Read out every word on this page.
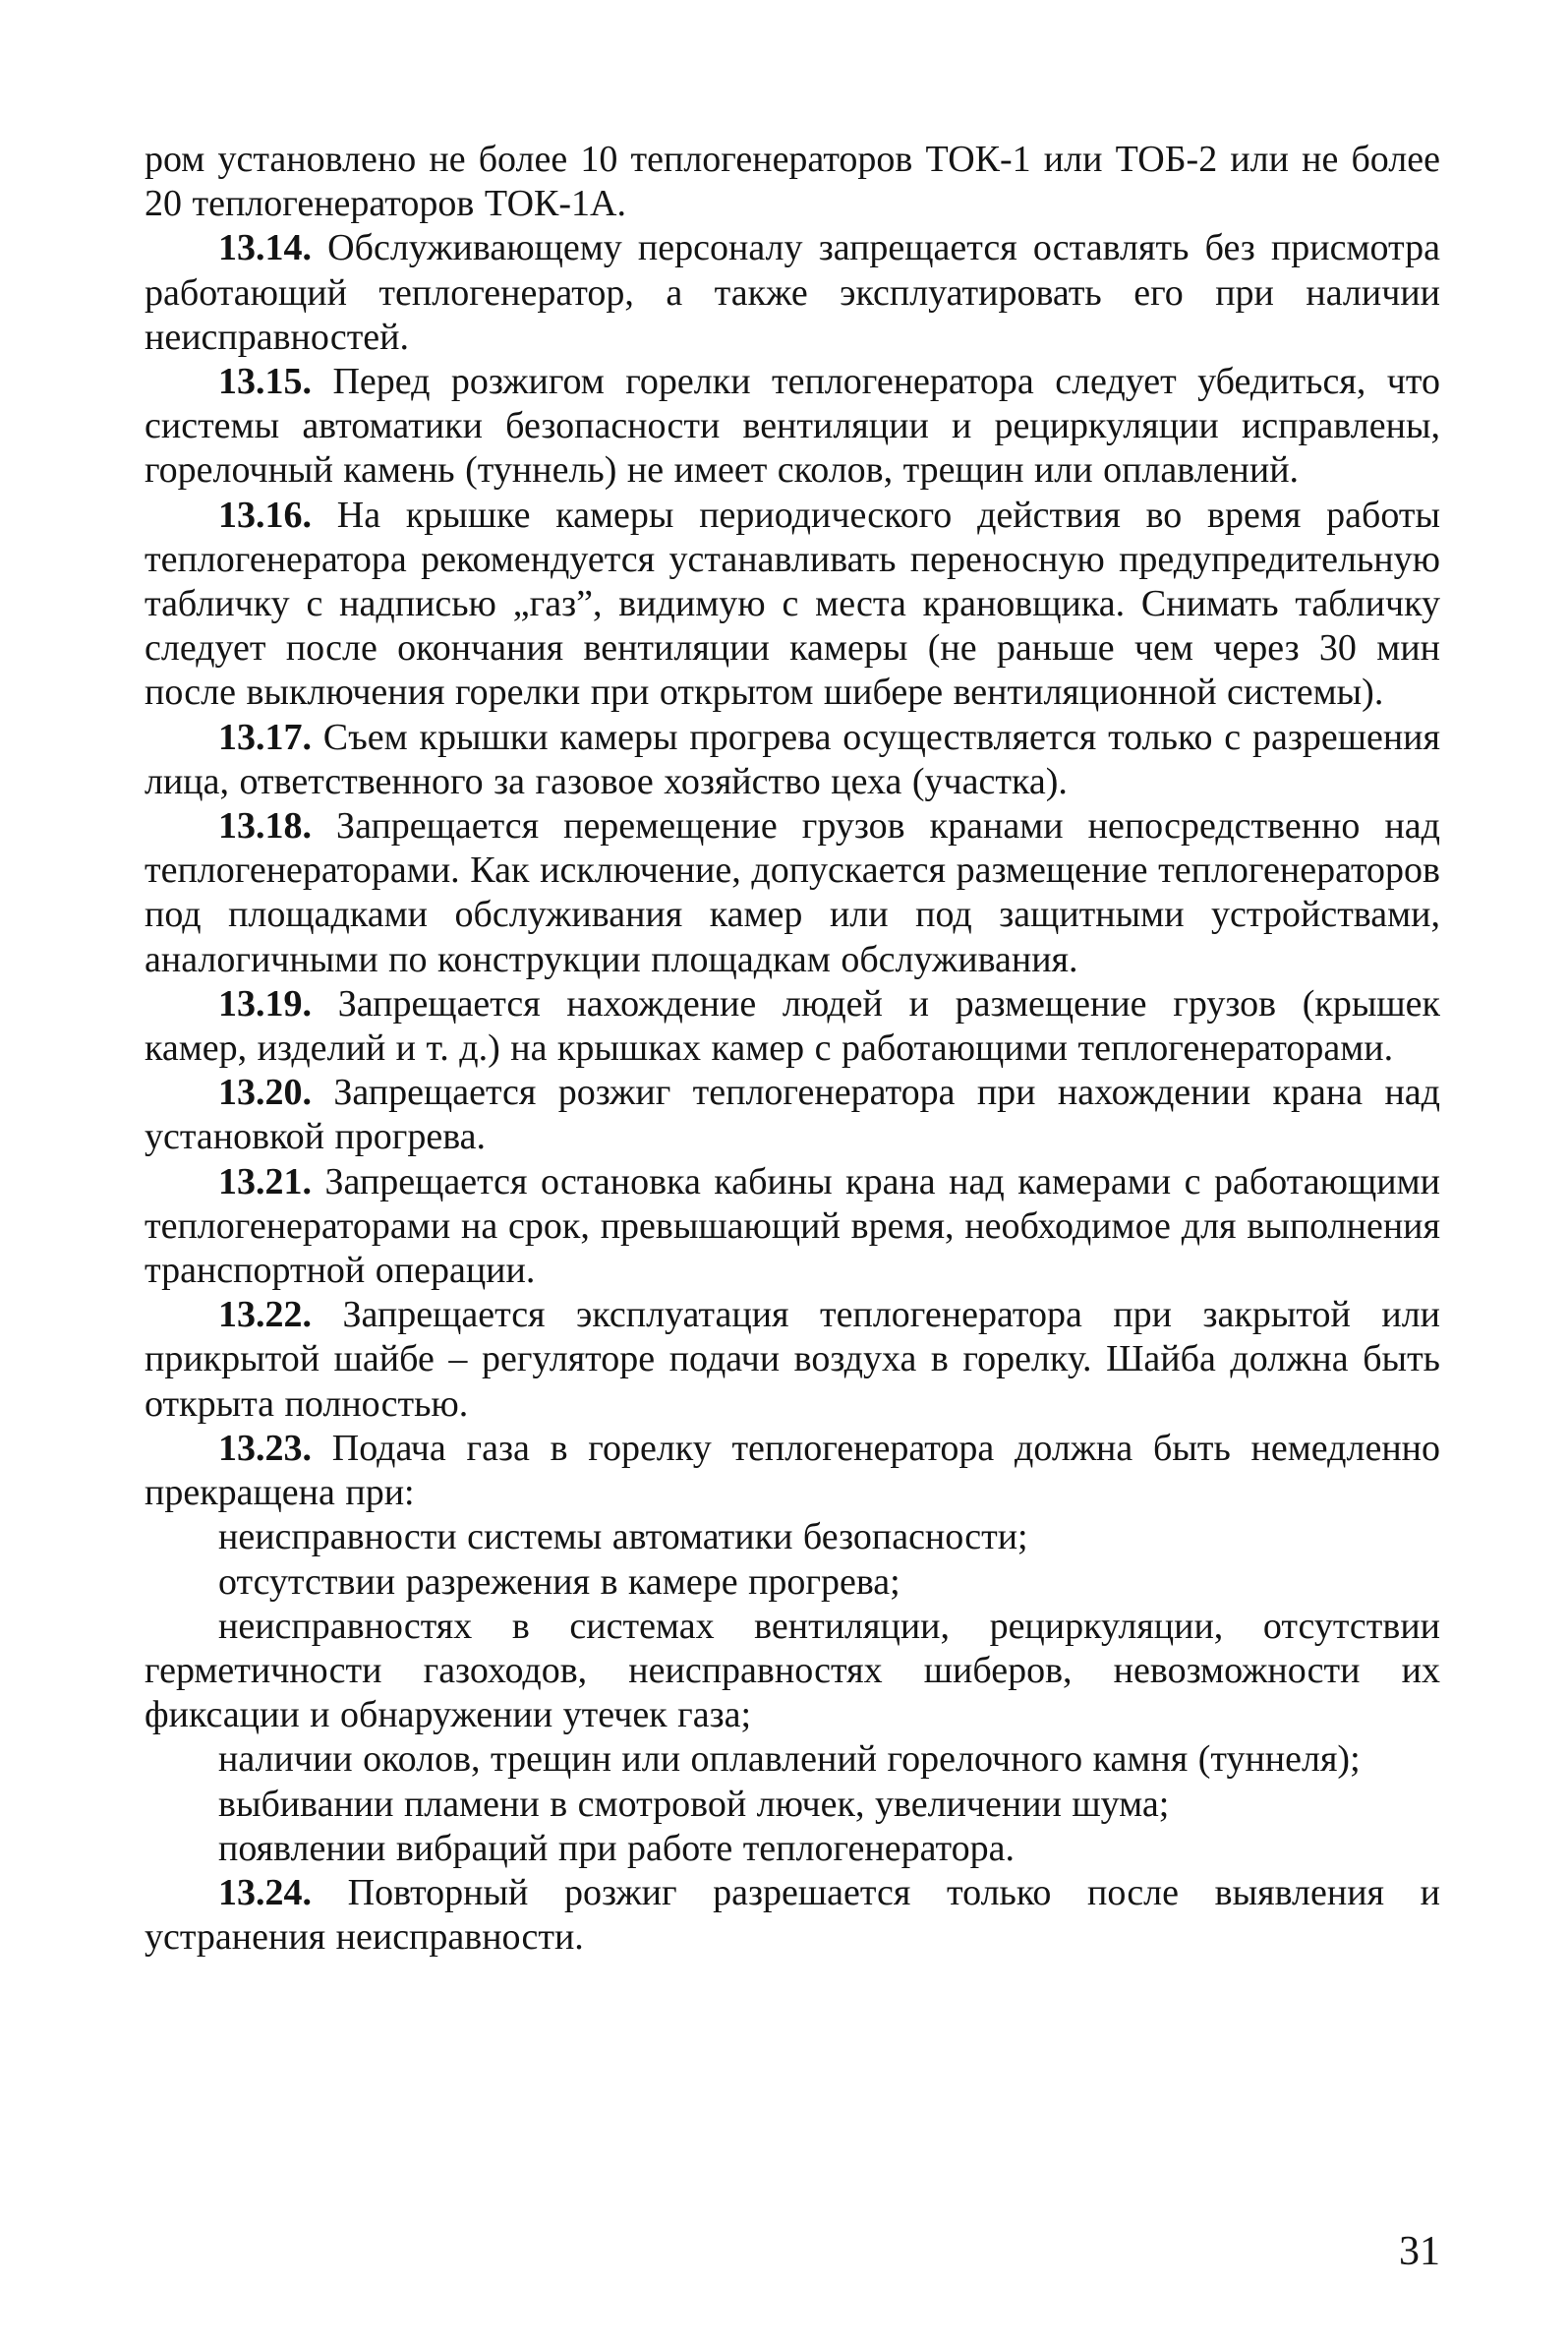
ром установлено не более 10 теплогенераторов ТОК-1 или ТОБ-2 или не более 20 теплогенераторов ТОК-1А.

13.14. Обслуживающему персоналу запрещается оставлять без присмотра работающий теплогенератор, а также эксплуатировать его при наличии неисправностей.

13.15. Перед розжигом горелки теплогенератора следует убедиться, что системы автоматики безопасности вентиляции и рециркуляции исправлены, горелочный камень (туннель) не имеет сколов, трещин или оплавлений.

13.16. На крышке камеры периодического действия во время работы теплогенератора рекомендуется устанавливать переносную предупредительную табличку с надписью „газ”, видимую с места крановщика. Снимать табличку следует после окончания вентиляции камеры (не раньше чем через 30 мин после выключения горелки при открытом шибере вентиляционной системы).

13.17. Съем крышки камеры прогрева осуществляется только с разрешения лица, ответственного за газовое хозяйство цеха (участка).

13.18. Запрещается перемещение грузов кранами непосредственно над теплогенераторами. Как исключение, допускается размещение теплогенераторов под площадками обслуживания камер или под защитными устройствами, аналогичными по конструкции площадкам обслуживания.

13.19. Запрещается нахождение людей и размещение грузов (крышек камер, изделий и т. д.) на крышках камер с работающими теплогенераторами.

13.20. Запрещается розжиг теплогенератора при нахождении крана над установкой прогрева.

13.21. Запрещается остановка кабины крана над камерами с работающими теплогенераторами на срок, превышающий время, необходимое для выполнения транспортной операции.

13.22. Запрещается эксплуатация теплогенератора при закрытой или прикрытой шайбе – регуляторе подачи воздуха в горелку. Шайба должна быть открыта полностью.

13.23. Подача газа в горелку теплогенератора должна быть немедленно прекращена при:

неисправности системы автоматики безопасности;

отсутствии разрежения в камере прогрева;

неисправностях в системах вентиляции, рециркуляции, отсутствии герметичности газоходов, неисправностях шиберов, невозможности их фиксации и обнаружении утечек газа;

наличии околов, трещин или оплавлений горелочного камня (туннеля);

выбивании пламени в смотровой лючек, увеличении шума;

появлении вибраций при работе теплогенератора.

13.24. Повторный розжиг разрешается только после выявления и устранения неисправности.

31
